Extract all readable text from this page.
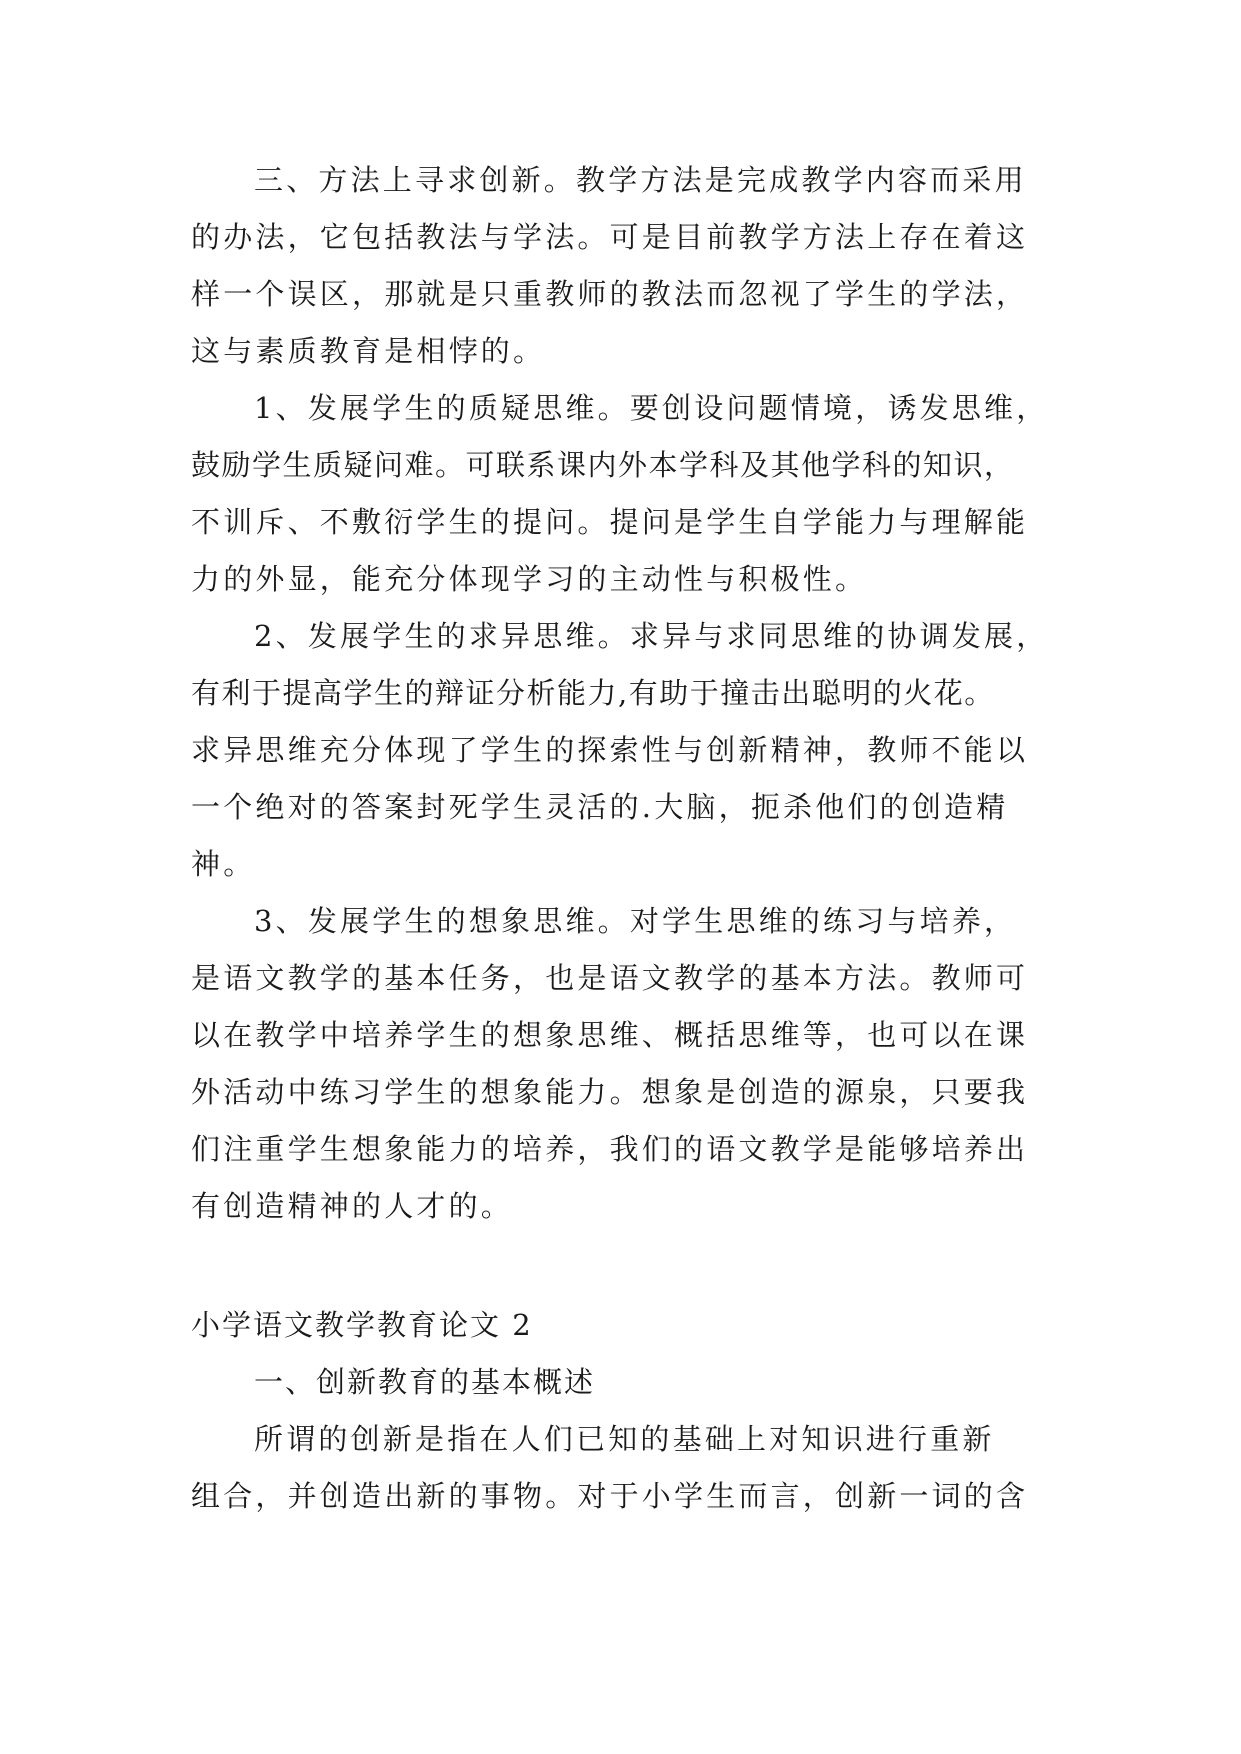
三、方法上寻求创新。教学方法是完成教学内容而采用
的办法，它包括教法与学法。可是目前教学方法上存在着这
样一个误区，那就是只重教师的教法而忽视了学生的学法，
这与素质教育是相悖的。
1、发展学生的质疑思维。要创设问题情境，诱发思维，
鼓励学生质疑问难。可联系课内外本学科及其他学科的知识，
不训斥、不敷衍学生的提问。提问是学生自学能力与理解能
力的外显，能充分体现学习的主动性与积极性。
2、发展学生的求异思维。求异与求同思维的协调发展，
有利于提高学生的辩证分析能力,有助于撞击出聪明的火花。
求异思维充分体现了学生的探索性与创新精神，教师不能以
一个绝对的答案封死学生灵活的.大脑，扼杀他们的创造精
神。
3、发展学生的想象思维。对学生思维的练习与培养，
是语文教学的基本任务，也是语文教学的基本方法。教师可
以在教学中培养学生的想象思维、概括思维等，也可以在课
外活动中练习学生的想象能力。想象是创造的源泉，只要我
们注重学生想象能力的培养，我们的语文教学是能够培养出
有创造精神的人才的。
小学语文教学教育论文 2
一、创新教育的基本概述
所谓的创新是指在人们已知的基础上对知识进行重新
组合，并创造出新的事物。对于小学生而言，创新一词的含
